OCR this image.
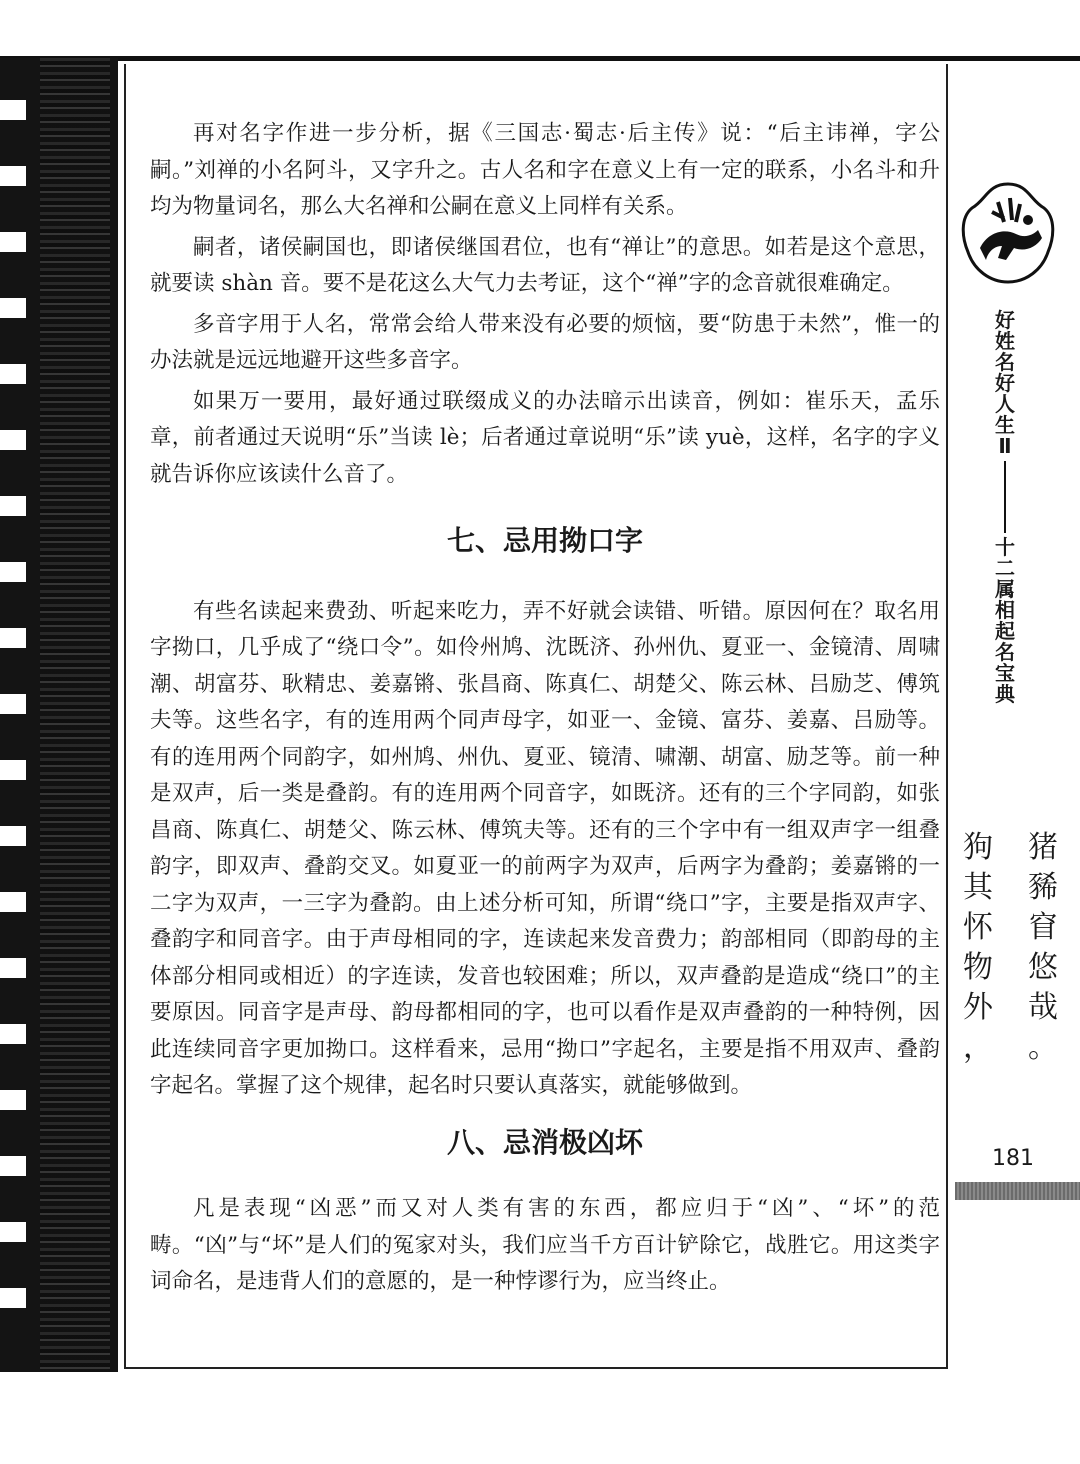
再对名字作进一步分析，据《三国志·蜀志·后主传》说：“后主讳禅，字公嗣。”刘禅的小名阿斗，又字升之。古人名和字在意义上有一定的联系，小名斗和升均为物量词名，那么大名禅和公嗣在意义上同样有关系。

嗣者，诸侯嗣国也，即诸侯继国君位，也有“禅让”的意思。如若是这个意思，就要读 shàn 音。要不是花这么大气力去考证，这个“禅”字的念音就很难确定。

多音字用于人名，常常会给人带来没有必要的烦恼，要“防患于未然”，惟一的办法就是远远地避开这些多音字。

如果万一要用，最好通过联缀成义的办法暗示出读音，例如：崔乐天，孟乐章，前者通过天说明“乐”当读 lè；后者通过章说明“乐”读 yuè，这样，名字的字义就告诉你应该读什么音了。

七、忌用拗口字

有些名读起来费劲、听起来吃力，弄不好就会读错、听错。原因何在？取名用字拗口，几乎成了“绕口令”。如伶州鸠、沈既济、孙州仇、夏亚一、金镜清、周啸潮、胡富芬、耿精忠、姜嘉锵、张昌商、陈真仁、胡楚父、陈云林、吕励芝、傅筑夫等。这些名字，有的连用两个同声母字，如亚一、金镜、富芬、姜嘉、吕励等。有的连用两个同韵字，如州鸠、州仇、夏亚、镜清、啸潮、胡富、励芝等。前一种是双声，后一类是叠韵。有的连用两个同音字，如既济。还有的三个字同韵，如张昌商、陈真仁、胡楚父、陈云林、傅筑夫等。还有的三个字中有一组双声字一组叠韵字，即双声、叠韵交叉。如夏亚一的前两字为双声，后两字为叠韵；姜嘉锵的一二字为双声，一三字为叠韵。由上述分析可知，所谓“绕口”字，主要是指双声字、叠韵字和同音字。由于声母相同的字，连读起来发音费力；韵部相同（即韵母的主体部分相同或相近）的字连读，发音也较困难；所以，双声叠韵是造成“绕口”的主要原因。同音字是声母、韵母都相同的字，也可以看作是双声叠韵的一种特例，因此连续同音字更加拗口。这样看来，忌用“拗口”字起名，主要是指不用双声、叠韵字起名。掌握了这个规律，起名时只要认真落实，就能够做到。

八、忌消极凶坏

凡是表现“凶恶”而又对人类有害的东西，都应归于“凶”、“坏”的范畴。“凶”与“坏”是人们的冤家对头，我们应当千方百计铲除它，战胜它。用这类字词命名，是违背人们的意愿的，是一种悖谬行为，应当终止。

好
姓
名
好
人
生
Ⅱ
十
二
属
相
起
名
宝
典
猪
豨
窅
悠
哉
。
狗
其
怀
物
外
，
181
